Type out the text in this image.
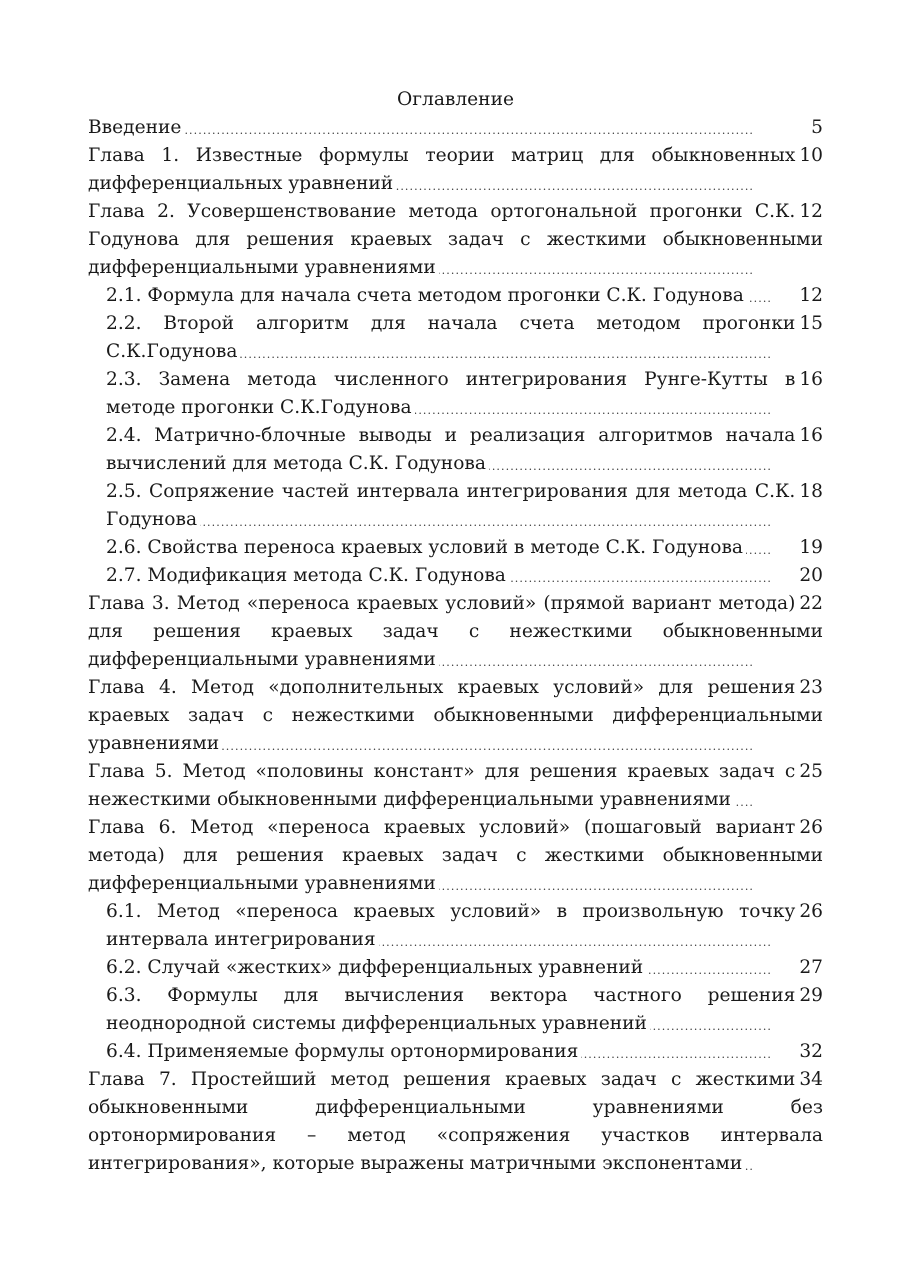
Оглавление
5
Введение . . .
10
Глава 1. Известные формулы теории матриц для обыкновенных дифференциальных уравнений . . .
12
Глава 2. Усовершенствование метода ортогональной прогонки С.К. Годунова для решения краевых задач с жесткими обыкновенными дифференциальными уравнениями . . .
12
2.1. Формула для начала счета методом прогонки С.К. Годунова . . .
15
2.2. Второй алгоритм для начала счета методом прогонки С.К.Годунова . . .
16
2.3. Замена метода численного интегрирования Рунге-Кутты в методе прогонки С.К.Годунова . . .
16
2.4. Матрично-блочные выводы и реализация алгоритмов начала вычислений для метода С.К. Годунова . . .
18
2.5. Сопряжение частей интервала интегрирования для метода С.К. Годунова . . .
19
2.6. Свойства переноса краевых условий в методе С.К. Годунова . . .
20
2.7. Модификация метода С.К. Годунова . . .
22
Глава 3. Метод «переноса краевых условий» (прямой вариант метода) для решения краевых задач с нежесткими обыкновенными дифференциальными уравнениями . . .
23
Глава 4. Метод «дополнительных краевых условий» для решения краевых задач с нежесткими обыкновенными дифференциальными уравнениями . . .
25
Глава 5. Метод «половины констант» для решения краевых задач с нежесткими обыкновенными дифференциальными уравнениями . . .
26
Глава 6. Метод «переноса краевых условий» (пошаговый вариант метода) для решения краевых задач с жесткими обыкновенными дифференциальными уравнениями . . .
26
6.1. Метод «переноса краевых условий» в произвольную точку интервала интегрирования . . .
27
6.2. Случай «жестких» дифференциальных уравнений . . .
29
6.3. Формулы для вычисления вектора частного решения неоднородной системы дифференциальных уравнений . . .
32
6.4. Применяемые формулы ортонормирования . . .
34
Глава 7. Простейший метод решения краевых задач с жесткими обыкновенными дифференциальными уравнениями без ортонормирования – метод «сопряжения участков интервала интегрирования», которые выражены матричными экспонентами . . .
